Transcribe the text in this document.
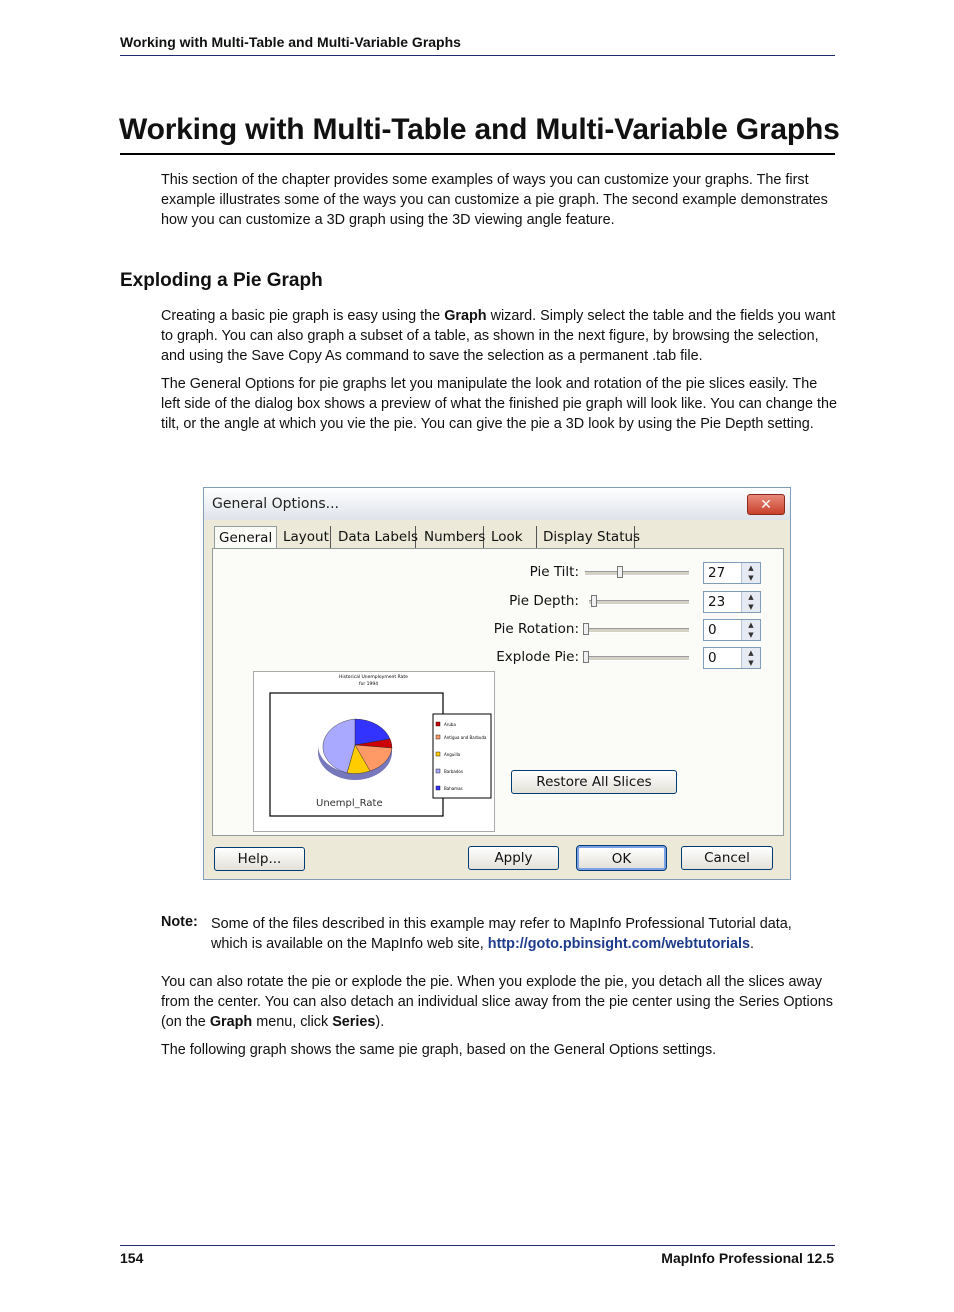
Working with Multi-Table and Multi-Variable Graphs
Working with Multi-Table and Multi-Variable Graphs
This section of the chapter provides some examples of ways you can customize your graphs. The first example illustrates some of the ways you can customize a pie graph. The second example demonstrates how you can customize a 3D graph using the 3D viewing angle feature.
Exploding a Pie Graph
Creating a basic pie graph is easy using the Graph wizard. Simply select the table and the fields you want to graph. You can also graph a subset of a table, as shown in the next figure, by browsing the selection, and using the Save Copy As command to save the selection as a permanent .tab file.
The General Options for pie graphs let you manipulate the look and rotation of the pie slices easily. The left side of the dialog box shows a preview of what the finished pie graph will look like. You can change the tilt, or the angle at which you vie the pie. You can give the pie a 3D look by using the Pie Depth setting.
General Options...	✕
General Layout Data Labels Numbers Look	Display Status
Historical Unemployment Rate
for 1994
Unempl_Rate
Aruba
Antigua and Barbuda
Anguilla
Barbados
Bahamas
Pie Tilt:	27	▲
▼
Pie Depth:	23	▲
▼
Pie Rotation:	0	▲
▼
Explode Pie:	0	▲
▼
Restore All Slices
Help...	Apply	OK	Cancel
Note: Some of the files described in this example may refer to MapInfo Professional Tutorial data, which is available on the MapInfo web site, http://goto.pbinsight.com/webtutorials.
You can also rotate the pie or explode the pie. When you explode the pie, you detach all the slices away from the center. You can also detach an individual slice away from the pie center using the Series Options (on the Graph menu, click Series).
The following graph shows the same pie graph, based on the General Options settings.
154	MapInfo Professional 12.5
